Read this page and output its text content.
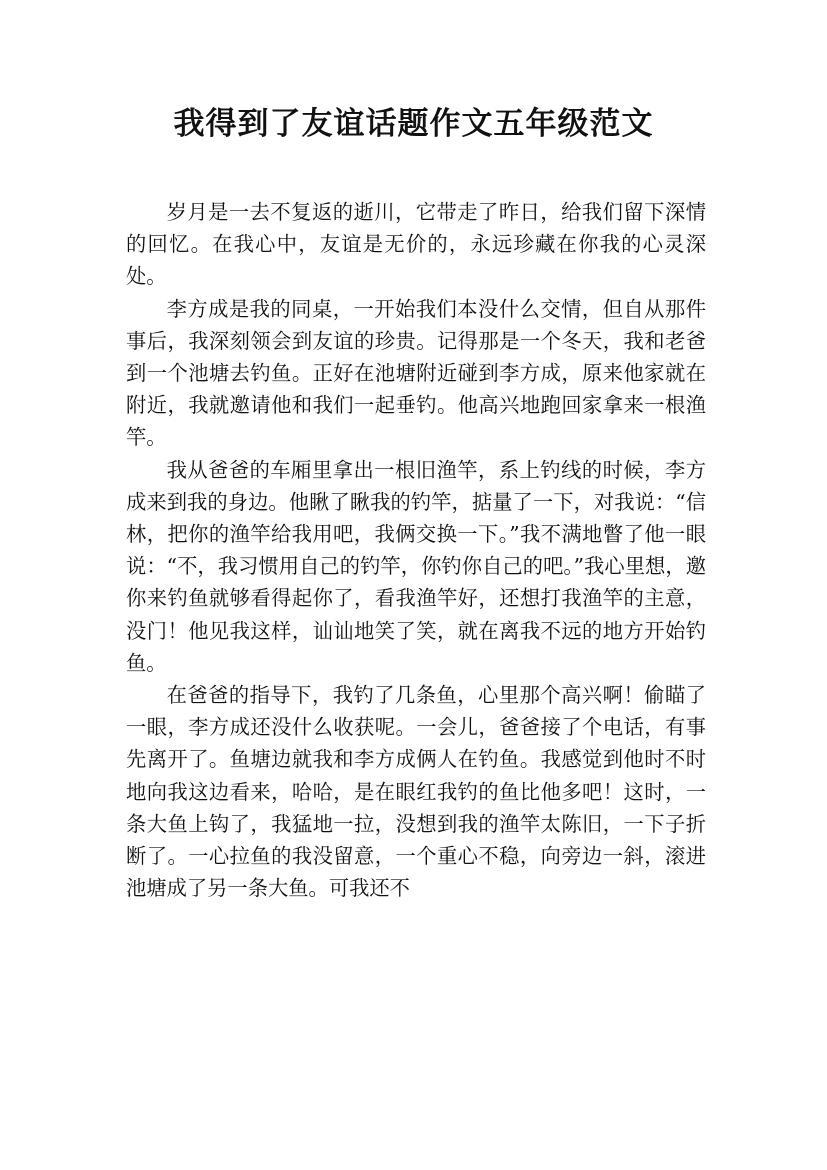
我得到了友谊话题作文五年级范文

岁月是一去不复返的逝川，它带走了昨日，给我们留下深情的回忆。在我心中，友谊是无价的，永远珍藏在你我的心灵深处。

李方成是我的同桌，一开始我们本没什么交情，但自从那件事后，我深刻领会到友谊的珍贵。记得那是一个冬天，我和老爸到一个池塘去钓鱼。正好在池塘附近碰到李方成，原来他家就在附近，我就邀请他和我们一起垂钓。他高兴地跑回家拿来一根渔竿。

我从爸爸的车厢里拿出一根旧渔竿，系上钓线的时候，李方成来到我的身边。他瞅了瞅我的钓竿，掂量了一下，对我说：“信林，把你的渔竿给我用吧，我俩交换一下。”我不满地瞥了他一眼说：“不，我习惯用自己的钓竿，你钓你自己的吧。”我心里想，邀你来钓鱼就够看得起你了，看我渔竿好，还想打我渔竿的主意，没门！他见我这样，讪讪地笑了笑，就在离我不远的地方开始钓鱼。

在爸爸的指导下，我钓了几条鱼，心里那个高兴啊！偷瞄了一眼，李方成还没什么收获呢。一会儿，爸爸接了个电话，有事先离开了。鱼塘边就我和李方成俩人在钓鱼。我感觉到他时不时地向我这边看来，哈哈，是在眼红我钓的鱼比他多吧！这时，一条大鱼上钩了，我猛地一拉，没想到我的渔竿太陈旧，一下子折断了。一心拉鱼的我没留意，一个重心不稳，向旁边一斜，滚进池塘成了另一条大鱼。可我还不
